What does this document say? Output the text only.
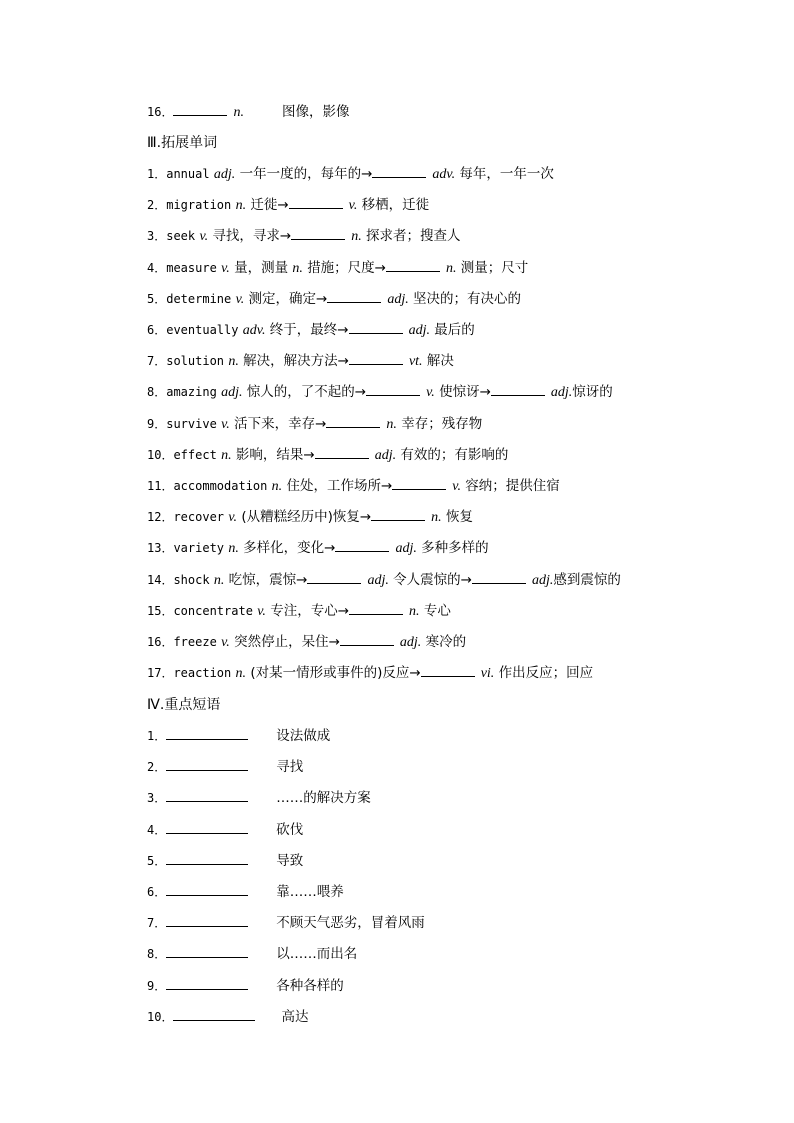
16．	n.	图像，影像
Ⅲ.拓展单词
1．annual adj. 一年一度的，每年的→	adv. 每年，一年一次
2．migration n. 迁徙→	v. 移栖，迁徙
3．seek v. 寻找，寻求→	n. 探求者；搜查人
4．measure v. 量，测量 n. 措施；尺度→	n. 测量；尺寸
5．determine v. 测定，确定→	adj. 坚决的；有决心的
6．eventually adv. 终于，最终→	adj. 最后的
7．solution n. 解决，解决方法→	vt. 解决
8．amazing adj. 惊人的，了不起的→	v. 使惊讶→	adj.惊讶的
9．survive v. 活下来，幸存→	n. 幸存；残存物
10．effect n. 影响，结果→	adj. 有效的；有影响的
11．accommodation n. 住处，工作场所→	v. 容纳；提供住宿
12．recover v. (从糟糕经历中)恢复→	n. 恢复
13．variety n. 多样化，变化→	adj. 多种多样的
14．shock n. 吃惊，震惊→	adj. 令人震惊的→	adj.感到震惊的
15．concentrate v. 专注，专心→	n. 专心
16．freeze v. 突然停止，呆住→	adj. 寒冷的
17．reaction n. (对某一情形或事件的)反应→	vi. 作出反应；回应
Ⅳ.重点短语
1．	设法做成
2．	寻找
3．	……的解决方案
4．	砍伐
5．	导致
6．	靠……喂养
7．	不顾天气恶劣，冒着风雨
8．	以……而出名
9．	各种各样的
10．	高达
